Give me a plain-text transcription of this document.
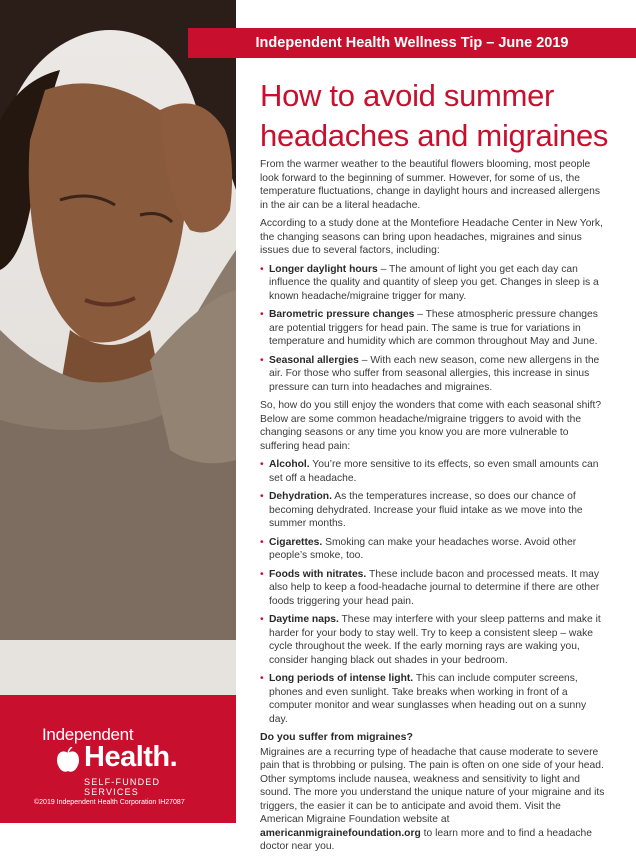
Independent
Health.
SELF-FUNDED SERVICES
©2019 Independent Health Corporation IH27087
Independent Health Wellness Tip – June 2019
How to avoid summer headaches and migraines

From the warmer weather to the beautiful flowers blooming, most people look forward to the beginning of summer. However, for some of us, the temperature fluctuations, change in daylight hours and increased allergens in the air can be a literal headache.

According to a study done at the Montefiore Headache Center in New York, the changing seasons can bring upon headaches, migraines and sinus issues due to several factors, including:

• Longer daylight hours – The amount of light you get each day can influence the quality and quantity of sleep you get. Changes in sleep is a known headache/migraine trigger for many.
• Barometric pressure changes – These atmospheric pressure changes are potential triggers for head pain. The same is true for variations in temperature and humidity which are common throughout May and June.
• Seasonal allergies – With each new season, come new allergens in the air. For those who suffer from seasonal allergies, this increase in sinus pressure can turn into headaches and migraines.

So, how do you still enjoy the wonders that come with each seasonal shift? Below are some common headache/migraine triggers to avoid with the changing seasons or any time you know you are more vulnerable to suffering head pain:

• Alcohol. You’re more sensitive to its effects, so even small amounts can set off a headache.
• Dehydration. As the temperatures increase, so does our chance of becoming dehydrated. Increase your fluid intake as we move into the summer months.
• Cigarettes. Smoking can make your headaches worse. Avoid other people’s smoke, too.
• Foods with nitrates. These include bacon and processed meats. It may also help to keep a food-headache journal to determine if there are other foods triggering your head pain.
• Daytime naps. These may interfere with your sleep patterns and make it harder for your body to stay well. Try to keep a consistent sleep – wake cycle throughout the week. If the early morning rays are waking you, consider hanging black out shades in your bedroom.
• Long periods of intense light. This can include computer screens, phones and even sunlight. Take breaks when working in front of a computer monitor and wear sunglasses when heading out on a sunny day.
Do you suffer from migraines?

Migraines are a recurring type of headache that cause moderate to severe pain that is throbbing or pulsing. The pain is often on one side of your head. Other symptoms include nausea, weakness and sensitivity to light and sound. The more you understand the unique nature of your migraine and its triggers, the easier it can be to anticipate and avoid them. Visit the American Migraine Foundation website at americanmigrainefoundation.org to learn more and to find a headache doctor near you.
